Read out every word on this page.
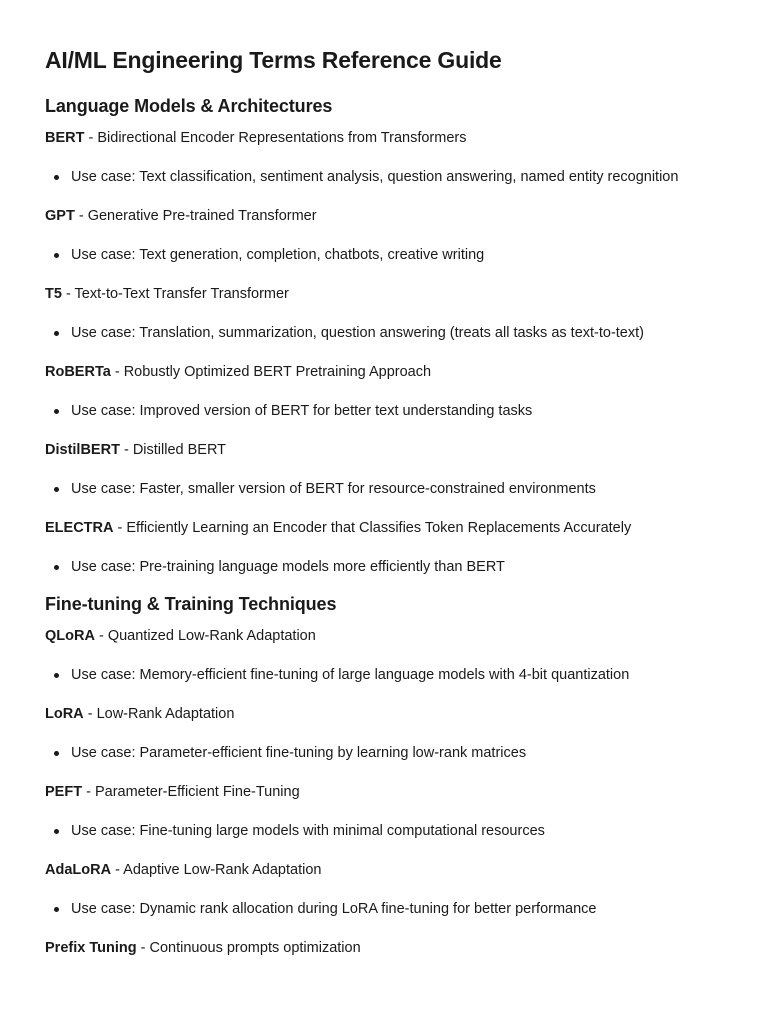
AI/ML Engineering Terms Reference Guide
Language Models & Architectures

BERT - Bidirectional Encoder Representations from Transformers

Use case: Text classification, sentiment analysis, question answering, named entity recognition

GPT - Generative Pre-trained Transformer

Use case: Text generation, completion, chatbots, creative writing

T5 - Text-to-Text Transfer Transformer

Use case: Translation, summarization, question answering (treats all tasks as text-to-text)

RoBERTa - Robustly Optimized BERT Pretraining Approach

Use case: Improved version of BERT for better text understanding tasks

DistilBERT - Distilled BERT

Use case: Faster, smaller version of BERT for resource-constrained environments

ELECTRA - Efficiently Learning an Encoder that Classifies Token Replacements Accurately

Use case: Pre-training language models more efficiently than BERT
Fine-tuning & Training Techniques

QLoRA - Quantized Low-Rank Adaptation

Use case: Memory-efficient fine-tuning of large language models with 4-bit quantization

LoRA - Low-Rank Adaptation

Use case: Parameter-efficient fine-tuning by learning low-rank matrices

PEFT - Parameter-Efficient Fine-Tuning

Use case: Fine-tuning large models with minimal computational resources

AdaLoRA - Adaptive Low-Rank Adaptation

Use case: Dynamic rank allocation during LoRA fine-tuning for better performance

Prefix Tuning - Continuous prompts optimization
